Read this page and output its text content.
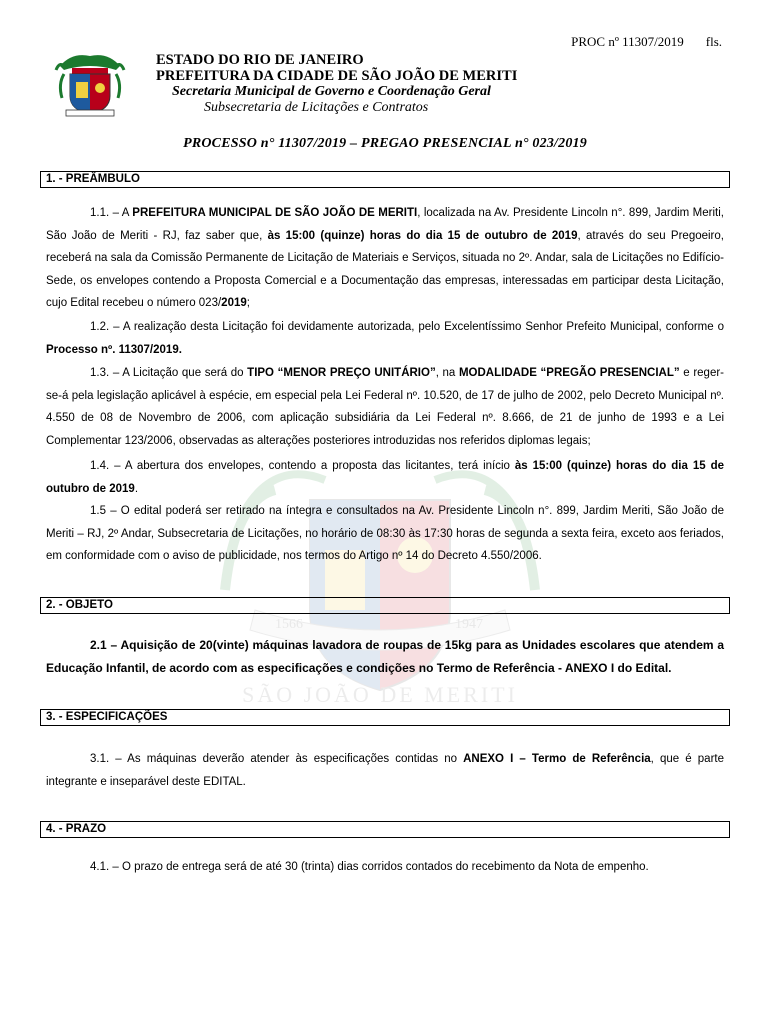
PROC nº 11307/2019 fls.
ESTADO DO RIO DE JANEIRO
PREFEITURA DA CIDADE DE SÃO JOÃO DE MERITI
Secretaria Municipal de Governo e Coordenação Geral
Subsecretaria de Licitações e Contratos
PROCESSO n° 11307/2019 – PREGAO PRESENCIAL n° 023/2019
1566	1947
SÃO JOÃO DE MERITI
1. - PREÂMBULO

1.1. – A PREFEITURA MUNICIPAL DE SÃO JOÃO DE MERITI, localizada na Av. Presidente Lincoln n°. 899, Jardim Meriti, São João de Meriti - RJ, faz saber que, às 15:00 (quinze) horas do dia 15 de outubro de 2019, através do seu Pregoeiro, receberá na sala da Comissão Permanente de Licitação de Materiais e Serviços, situada no 2º. Andar, sala de Licitações no Edifício-Sede, os envelopes contendo a Proposta Comercial e a Documentação das empresas, interessadas em participar desta Licitação, cujo Edital recebeu o número 023/2019;

1.2. – A realização desta Licitação foi devidamente autorizada, pelo Excelentíssimo Senhor Prefeito Municipal, conforme o Processo nº. 11307/2019.

1.3. – A Licitação que será do TIPO “MENOR PREÇO UNITÁRIO”, na MODALIDADE “PREGÃO PRESENCIAL” e reger-se-á pela legislação aplicável à espécie, em especial pela Lei Federal nº. 10.520, de 17 de julho de 2002, pelo Decreto Municipal nº. 4.550 de 08 de Novembro de 2006, com aplicação subsidiária da Lei Federal nº. 8.666, de 21 de junho de 1993 e a Lei Complementar 123/2006, observadas as alterações posteriores introduzidas nos referidos diplomas legais;

1.4. – A abertura dos envelopes, contendo a proposta das licitantes, terá início às 15:00 (quinze) horas do dia 15 de outubro de 2019.

1.5 – O edital poderá ser retirado na íntegra e consultados na Av. Presidente Lincoln n°. 899, Jardim Meriti, São João de Meriti – RJ, 2º Andar, Subsecretaria de Licitações, no horário de 08:30 às 17:30 horas de segunda a sexta feira, exceto aos feriados, em conformidade com o aviso de publicidade, nos termos do Artigo nº 14 do Decreto 4.550/2006.

2. - OBJETO

2.1 – Aquisição de 20(vinte) máquinas lavadora de roupas de 15kg para as Unidades escolares que atendem a Educação Infantil, de acordo com as especificações e condições no Termo de Referência - ANEXO I do Edital.

3. - ESPECIFICAÇÕES

3.1. – As máquinas deverão atender às especificações contidas no ANEXO I – Termo de Referência, que é parte integrante e inseparável deste EDITAL.

4. - PRAZO

4.1. – O prazo de entrega será de até 30 (trinta) dias corridos contados do recebimento da Nota de empenho.
